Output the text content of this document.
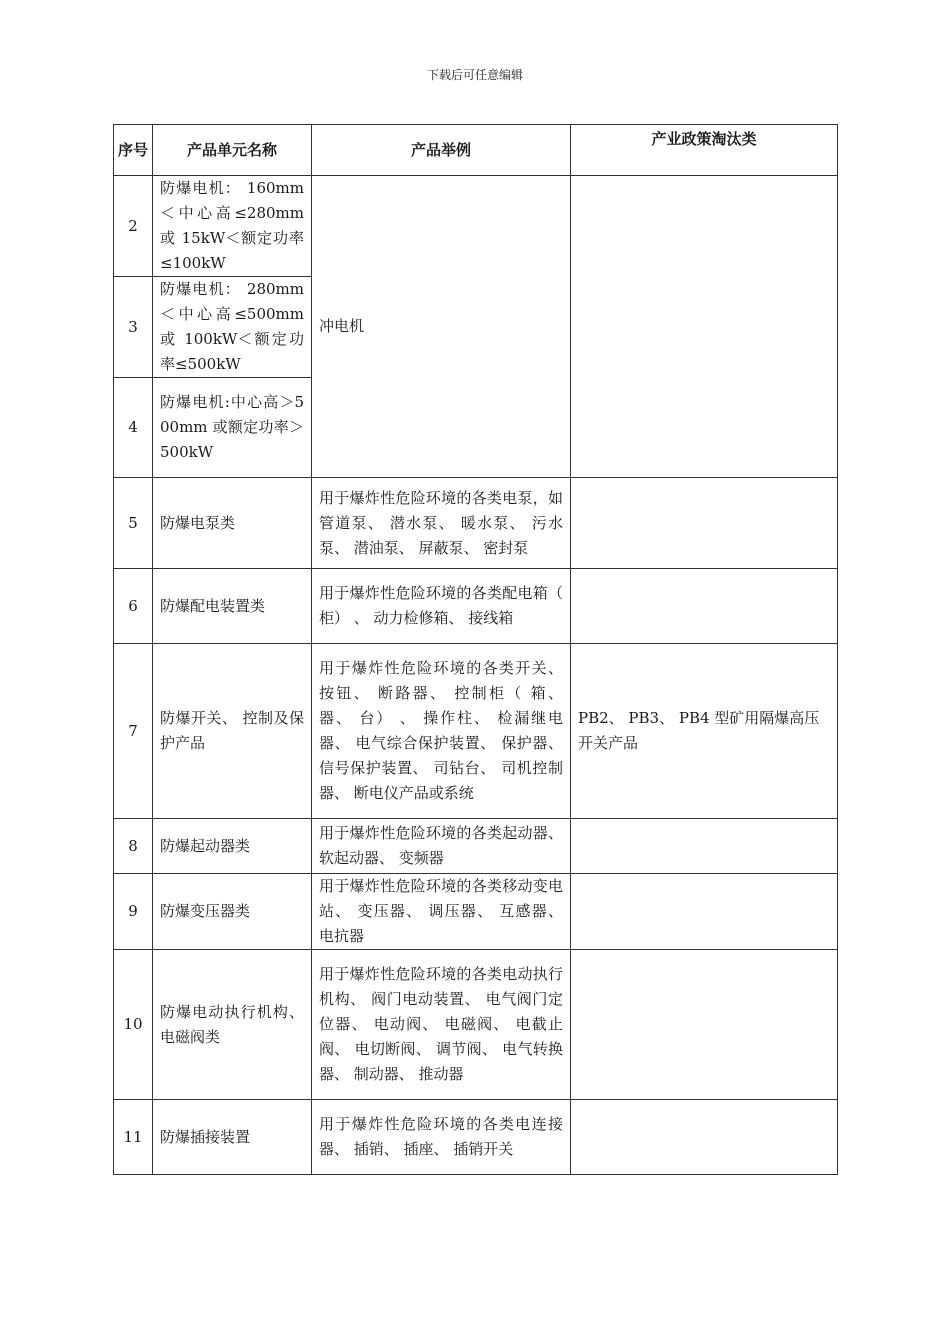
下载后可任意编辑
序号	产品单元名称	产品举例	产业政策淘汰类
2	防爆电机： 160mm＜中心高≤280mm 或 15kW＜额定功率≤100kW	冲电机	
3	防爆电机： 280mm＜中心高≤500mm 或 100kW＜额定功率≤500kW		
4	防爆电机:中心高＞500mm 或额定功率＞500kW		
5	防爆电泵类	用于爆炸性危险环境的各类电泵，如管道泵、 潜水泵、 暖水泵、 污水泵、 潜油泵、 屏蔽泵、 密封泵	

6	防爆配电装置类	用于爆炸性危险环境的各类配电箱（ 柜） 、 动力检修箱、 接线箱	
7	防爆开关、 控制及保护产品	用于爆炸性危险环境的各类开关、 按钮、 断路器、 控制柜（ 箱、 器、 台） 、 操作柱、 检漏继电器、 电气综合保护装置、 保护器、 信号保护装置、 司钻台、 司机控制器、 断电仪产品或系统	PB2、 PB3、 PB4 型矿用隔爆高压开关产品
8	防爆起动器类	用于爆炸性危险环境的各类起动器、 软起动器、 变频器	
9	防爆变压器类	用于爆炸性危险环境的各类移动变电站、 变压器、 调压器、 互感器、 电抗器	
10	防爆电动执行机构、 电磁阀类	用于爆炸性危险环境的各类电动执行机构、 阀门电动装置、 电气阀门定位器、 电动阀、 电磁阀、 电截止阀、 电切断阀、 调节阀、 电气转换器、 制动器、 推动器	
11	防爆插接装置	用于爆炸性危险环境的各类电连接器、 插销、 插座、 插销开关	
